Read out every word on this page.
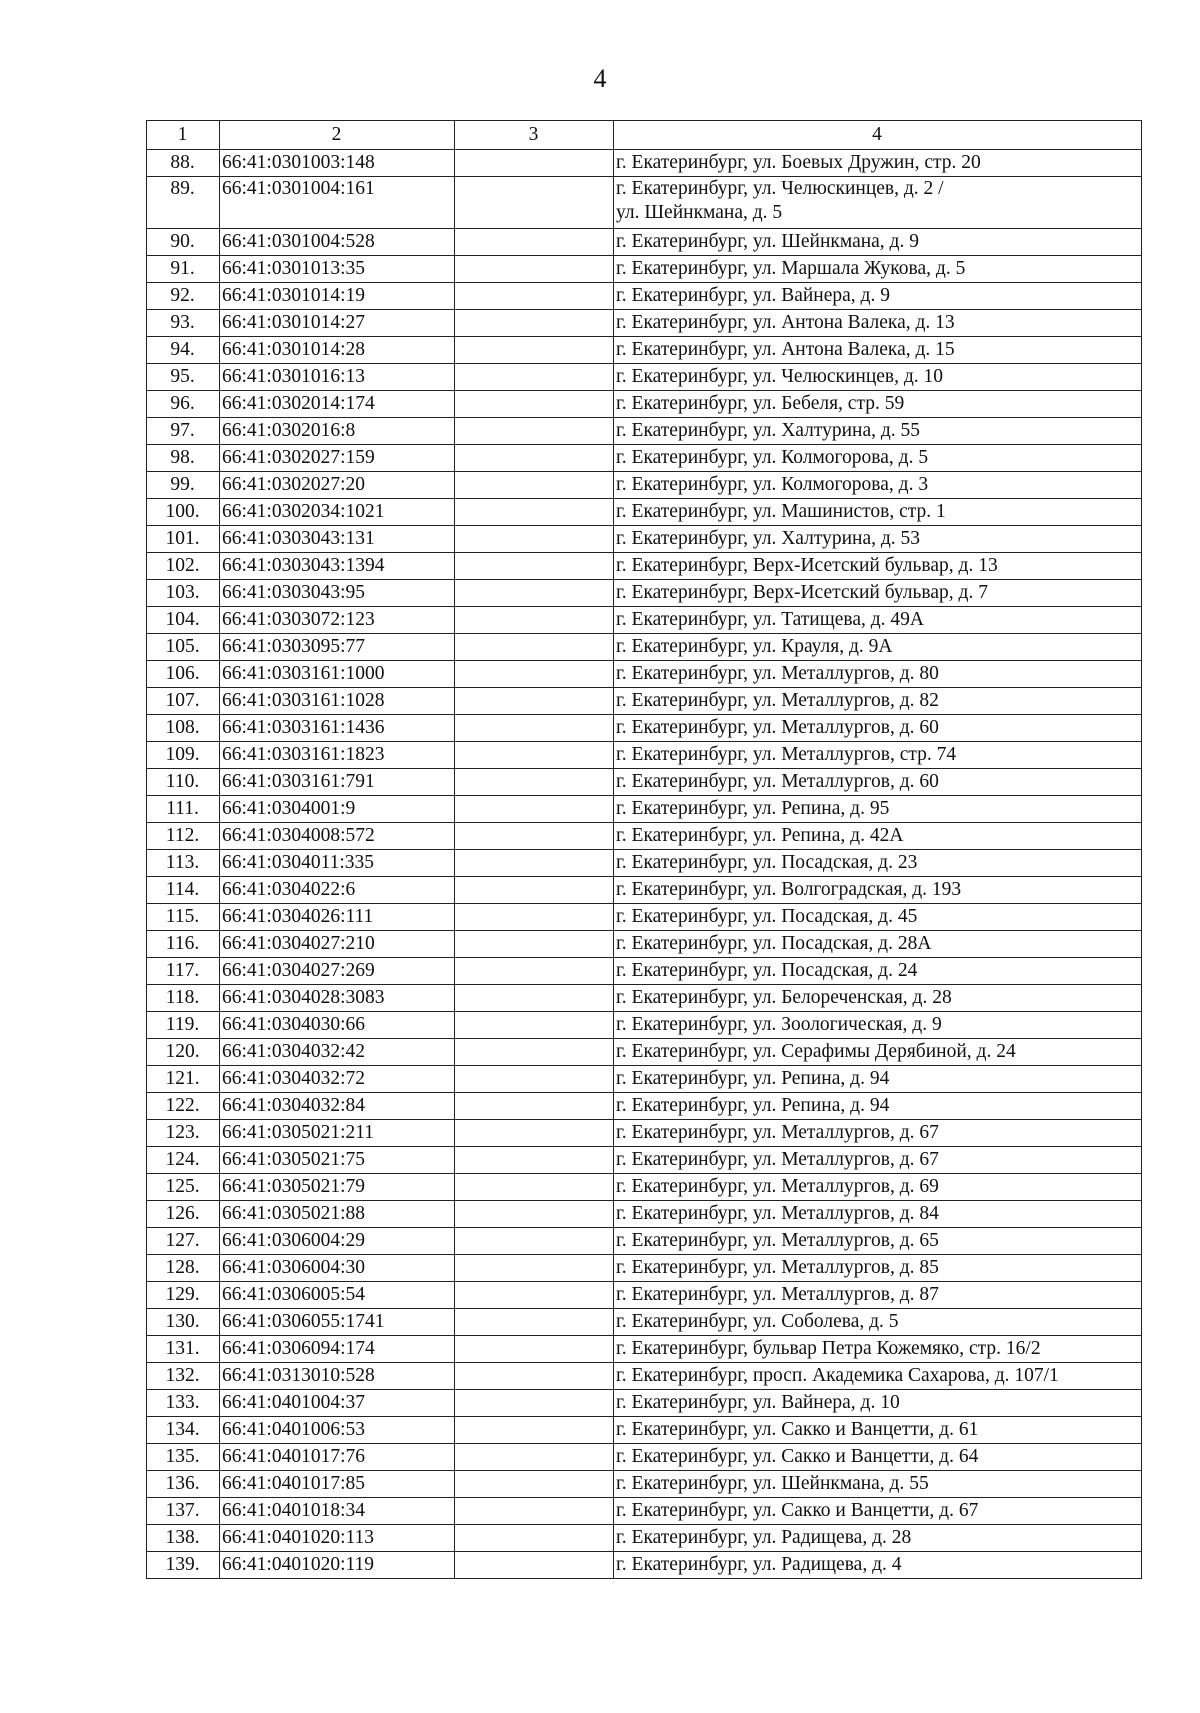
4
1	2	3	4
88.	66:41:0301003:148		г. Екатеринбург, ул. Боевых Дружин, стр. 20
89.	66:41:0301004:161		г. Екатеринбург, ул. Челюскинцев, д. 2 /
ул. Шейнкмана, д. 5
90.	66:41:0301004:528		г. Екатеринбург, ул. Шейнкмана, д. 9
91.	66:41:0301013:35		г. Екатеринбург, ул. Маршала Жукова, д. 5
92.	66:41:0301014:19		г. Екатеринбург, ул. Вайнера, д. 9
93.	66:41:0301014:27		г. Екатеринбург, ул. Антона Валека, д. 13
94.	66:41:0301014:28		г. Екатеринбург, ул. Антона Валека, д. 15
95.	66:41:0301016:13		г. Екатеринбург, ул. Челюскинцев, д. 10
96.	66:41:0302014:174		г. Екатеринбург, ул. Бебеля, стр. 59
97.	66:41:0302016:8		г. Екатеринбург, ул. Халтурина, д. 55
98.	66:41:0302027:159		г. Екатеринбург, ул. Колмогорова, д. 5
99.	66:41:0302027:20		г. Екатеринбург, ул. Колмогорова, д. 3
100.	66:41:0302034:1021		г. Екатеринбург, ул. Машинистов, стр. 1
101.	66:41:0303043:131		г. Екатеринбург, ул. Халтурина, д. 53
102.	66:41:0303043:1394		г. Екатеринбург, Верх-Исетский бульвар, д. 13
103.	66:41:0303043:95		г. Екатеринбург, Верх-Исетский бульвар, д. 7
104.	66:41:0303072:123		г. Екатеринбург, ул. Татищева, д. 49А
105.	66:41:0303095:77		г. Екатеринбург, ул. Крауля, д. 9А
106.	66:41:0303161:1000		г. Екатеринбург, ул. Металлургов, д. 80
107.	66:41:0303161:1028		г. Екатеринбург, ул. Металлургов, д. 82
108.	66:41:0303161:1436		г. Екатеринбург, ул. Металлургов, д. 60
109.	66:41:0303161:1823		г. Екатеринбург, ул. Металлургов, стр. 74
110.	66:41:0303161:791		г. Екатеринбург, ул. Металлургов, д. 60
111.	66:41:0304001:9		г. Екатеринбург, ул. Репина, д. 95
112.	66:41:0304008:572		г. Екатеринбург, ул. Репина, д. 42А
113.	66:41:0304011:335		г. Екатеринбург, ул. Посадская, д. 23
114.	66:41:0304022:6		г. Екатеринбург, ул. Волгоградская, д. 193
115.	66:41:0304026:111		г. Екатеринбург, ул. Посадская, д. 45
116.	66:41:0304027:210		г. Екатеринбург, ул. Посадская, д. 28А
117.	66:41:0304027:269		г. Екатеринбург, ул. Посадская, д. 24
118.	66:41:0304028:3083		г. Екатеринбург, ул. Белореченская, д. 28
119.	66:41:0304030:66		г. Екатеринбург, ул. Зоологическая, д. 9
120.	66:41:0304032:42		г. Екатеринбург, ул. Серафимы Дерябиной, д. 24
121.	66:41:0304032:72		г. Екатеринбург, ул. Репина, д. 94
122.	66:41:0304032:84		г. Екатеринбург, ул. Репина, д. 94
123.	66:41:0305021:211		г. Екатеринбург, ул. Металлургов, д. 67
124.	66:41:0305021:75		г. Екатеринбург, ул. Металлургов, д. 67
125.	66:41:0305021:79		г. Екатеринбург, ул. Металлургов, д. 69
126.	66:41:0305021:88		г. Екатеринбург, ул. Металлургов, д. 84
127.	66:41:0306004:29		г. Екатеринбург, ул. Металлургов, д. 65
128.	66:41:0306004:30		г. Екатеринбург, ул. Металлургов, д. 85
129.	66:41:0306005:54		г. Екатеринбург, ул. Металлургов, д. 87
130.	66:41:0306055:1741		г. Екатеринбург, ул. Соболева, д. 5
131.	66:41:0306094:174		г. Екатеринбург, бульвар Петра Кожемяко, стр. 16/2
132.	66:41:0313010:528		г. Екатеринбург, просп. Академика Сахарова, д. 107/1
133.	66:41:0401004:37		г. Екатеринбург, ул. Вайнера, д. 10
134.	66:41:0401006:53		г. Екатеринбург, ул. Сакко и Ванцетти, д. 61
135.	66:41:0401017:76		г. Екатеринбург, ул. Сакко и Ванцетти, д. 64
136.	66:41:0401017:85		г. Екатеринбург, ул. Шейнкмана, д. 55
137.	66:41:0401018:34		г. Екатеринбург, ул. Сакко и Ванцетти, д. 67
138.	66:41:0401020:113		г. Екатеринбург, ул. Радищева, д. 28
139.	66:41:0401020:119		г. Екатеринбург, ул. Радищева, д. 4
